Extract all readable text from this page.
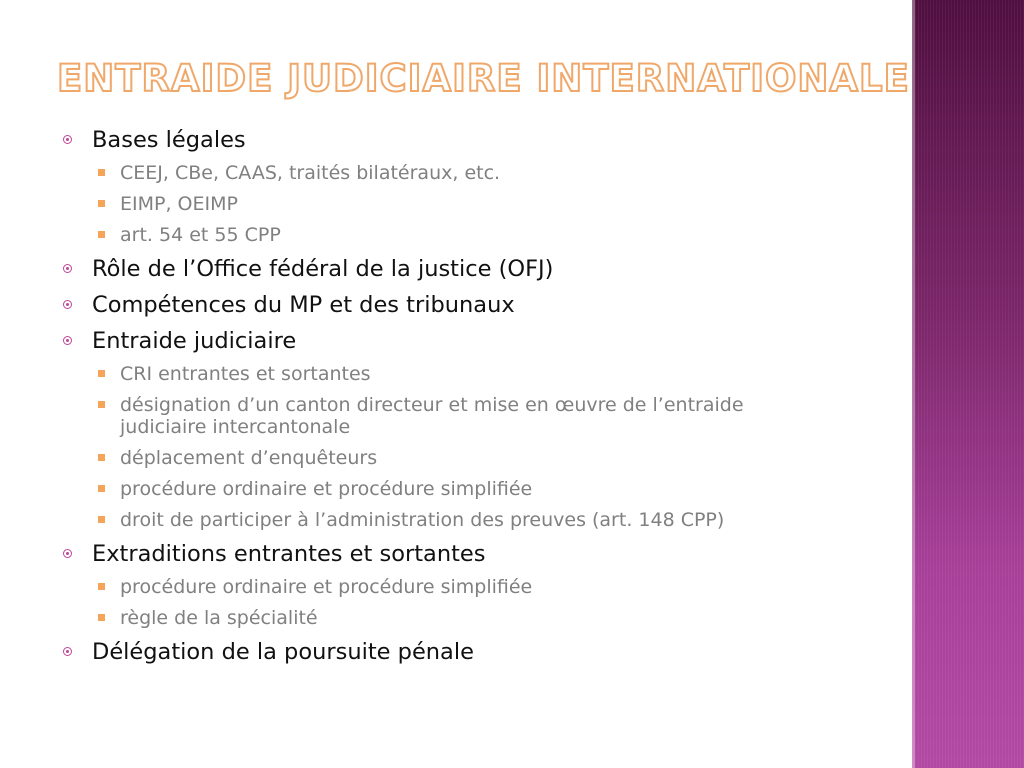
ENTRAIDE JUDICIAIRE INTERNATIONALE
Bases légales
CEEJ, CBe, CAAS, traités bilatéraux, etc.
EIMP, OEIMP
art. 54 et 55 CPP
Rôle de l’Office fédéral de la justice (OFJ)
Compétences du MP et des tribunaux
Entraide judiciaire
CRI entrantes et sortantes
désignation d’un canton directeur et mise en œuvre de l’entraide judiciaire intercantonale
déplacement d’enquêteurs
procédure ordinaire et procédure simplifiée
droit de participer à l’administration des preuves (art. 148 CPP)
Extraditions entrantes et sortantes
procédure ordinaire et procédure simplifiée
règle de la spécialité
Délégation de la poursuite pénale
